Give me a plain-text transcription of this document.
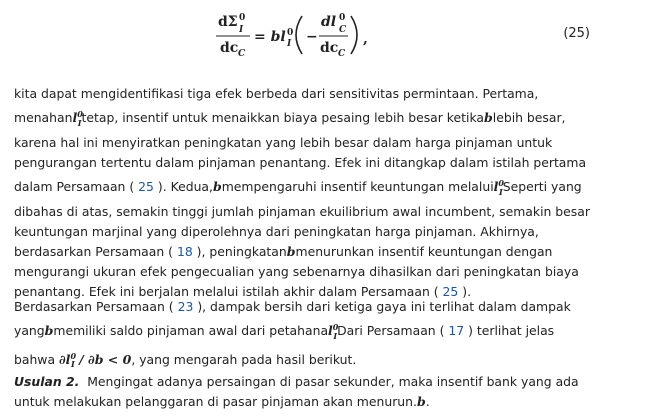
dΣ 0
I
dc C
= bl 0
I −
dl 0
C
dc C
,	(25)

kita dapat mengidentifikasi tiga efek berbeda dari sensitivitas permintaan. Pertama,
menahanl$^0_I$tetap, insentif untuk menaikkan biaya pesaing lebih besar ketikablebih besar,
karena hal ini menyiratkan peningkatan yang lebih besar dalam harga pinjaman untuk
pengurangan tertentu dalam pinjaman penantang. Efek ini ditangkap dalam istilah pertama
dalam Persamaan ( 25 ). Kedua,bmempengaruhi insentif keuntungan melaluil$^0_I$Seperti yang
dibahas di atas, semakin tinggi jumlah pinjaman ekuilibrium awal incumbent, semakin besar
keuntungan marjinal yang diperolehnya dari peningkatan harga pinjaman. Akhirnya,
berdasarkan Persamaan ( 18 ), peningkatanbmenurunkan insentif keuntungan dengan
mengurangi ukuran efek pengecualian yang sebenarnya dihasilkan dari peningkatan biaya
penantang. Efek ini berjalan melalui istilah akhir dalam Persamaan ( 25 ).

Berdasarkan Persamaan ( 23 ), dampak bersih dari ketiga gaya ini terlihat dalam dampak
yangbmemiliki saldo pinjaman awal dari petahanal$^0_I$Dari Persamaan ( 17 ) terlihat jelas
bahwa $\partial l^0_I / \partial b < 0$, yang mengarah pada hasil berikut.

Usulan 2. Mengingat adanya persaingan di pasar sekunder, maka insentif bank yang ada
untuk melakukan pelanggaran di pasar pinjaman akan menurun.b.
